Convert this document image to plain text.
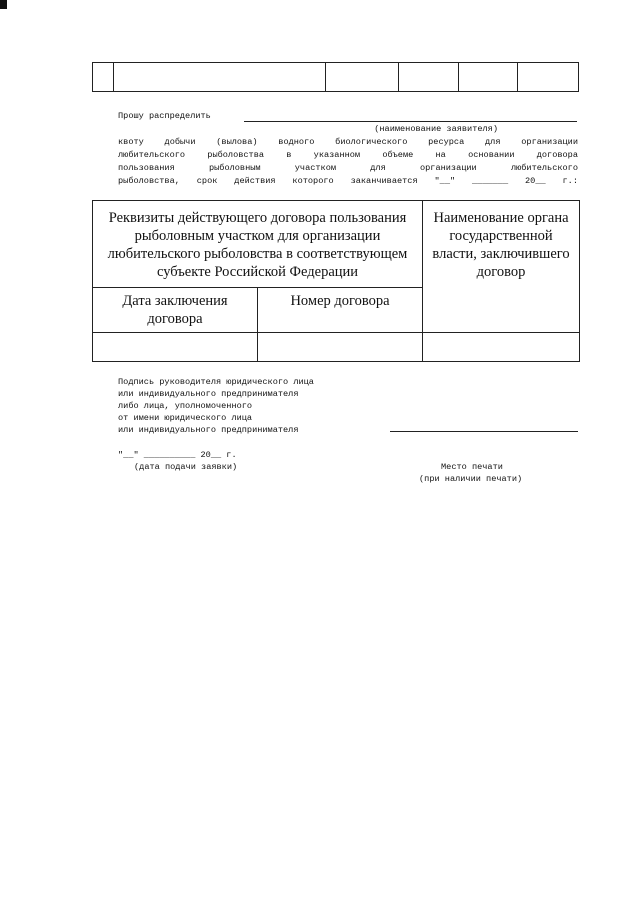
Прошу распределить
(наименование заявителя)
квоту добычи (вылова) водного биологического ресурса для организации
любительского рыболовства в указанном объеме на основании договора
пользования рыболовным участком для организации любительского
рыболовства, срок действия которого заканчивается "__" _______ 20__ г.:
Реквизиты действующего договора пользования рыболовным участком для организации любительского рыболовства в соответствующем субъекте Российской Федерации		Наименование органа государственной власти, заключившего договор
Дата заключения договора	Номер договора	

Подпись руководителя юридического лица
или индивидуального предпринимателя
либо лица, уполномоченного
от имени юридического лица
или индивидуального предпринимателя
"__" __________ 20__ г.
(дата подачи заявки)	Место печати
(при наличии печати)
